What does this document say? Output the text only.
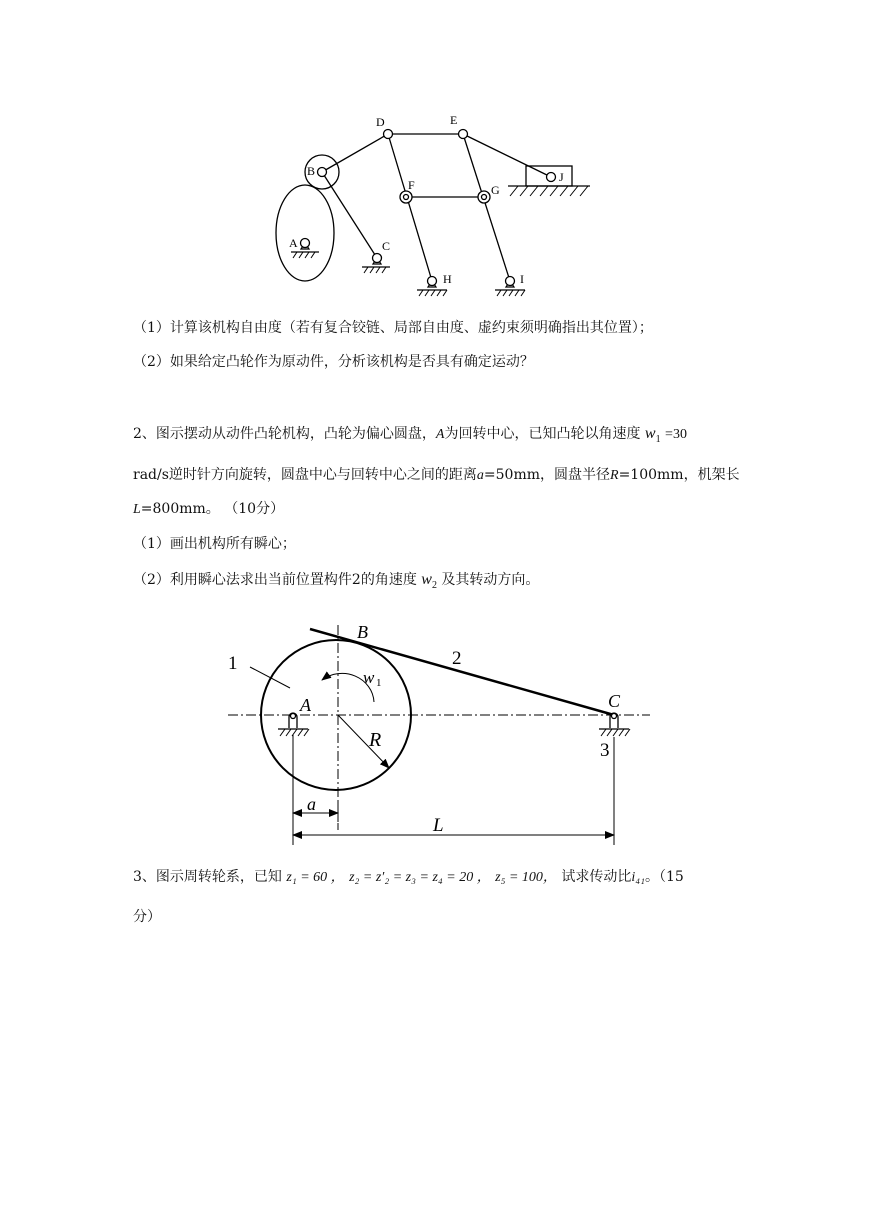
A
B
C
D	E
F	G
H	I
J
（1）计算该机构自由度（若有复合铰链、局部自由度、虚约束须明确指出其位置）；
（2）如果给定凸轮作为原动件，分析该机构是否具有确定运动？
2、图示摆动从动件凸轮机构，凸轮为偏心圆盘，A为回转中心，已知凸轮以角速度 $w_1 =30$
rad/s逆时针方向旋转，圆盘中心与回转中心之间的距离a=50mm，圆盘半径R=100mm，机架长
L=800mm。 （10分）
（1）画出机构所有瞬心；
（2）利用瞬心法求出当前位置构件2的角速度 $w_2$ 及其转动方向。
1	2
3
A
B
C
R
a
L
w 1
3、图示周转轮系，已知 z₁ = 60 ， z₂ = z′₂ = z₃ = z₄ = 20 ， z₅ = 100， 试求传动比i₄₁。（15
分）
